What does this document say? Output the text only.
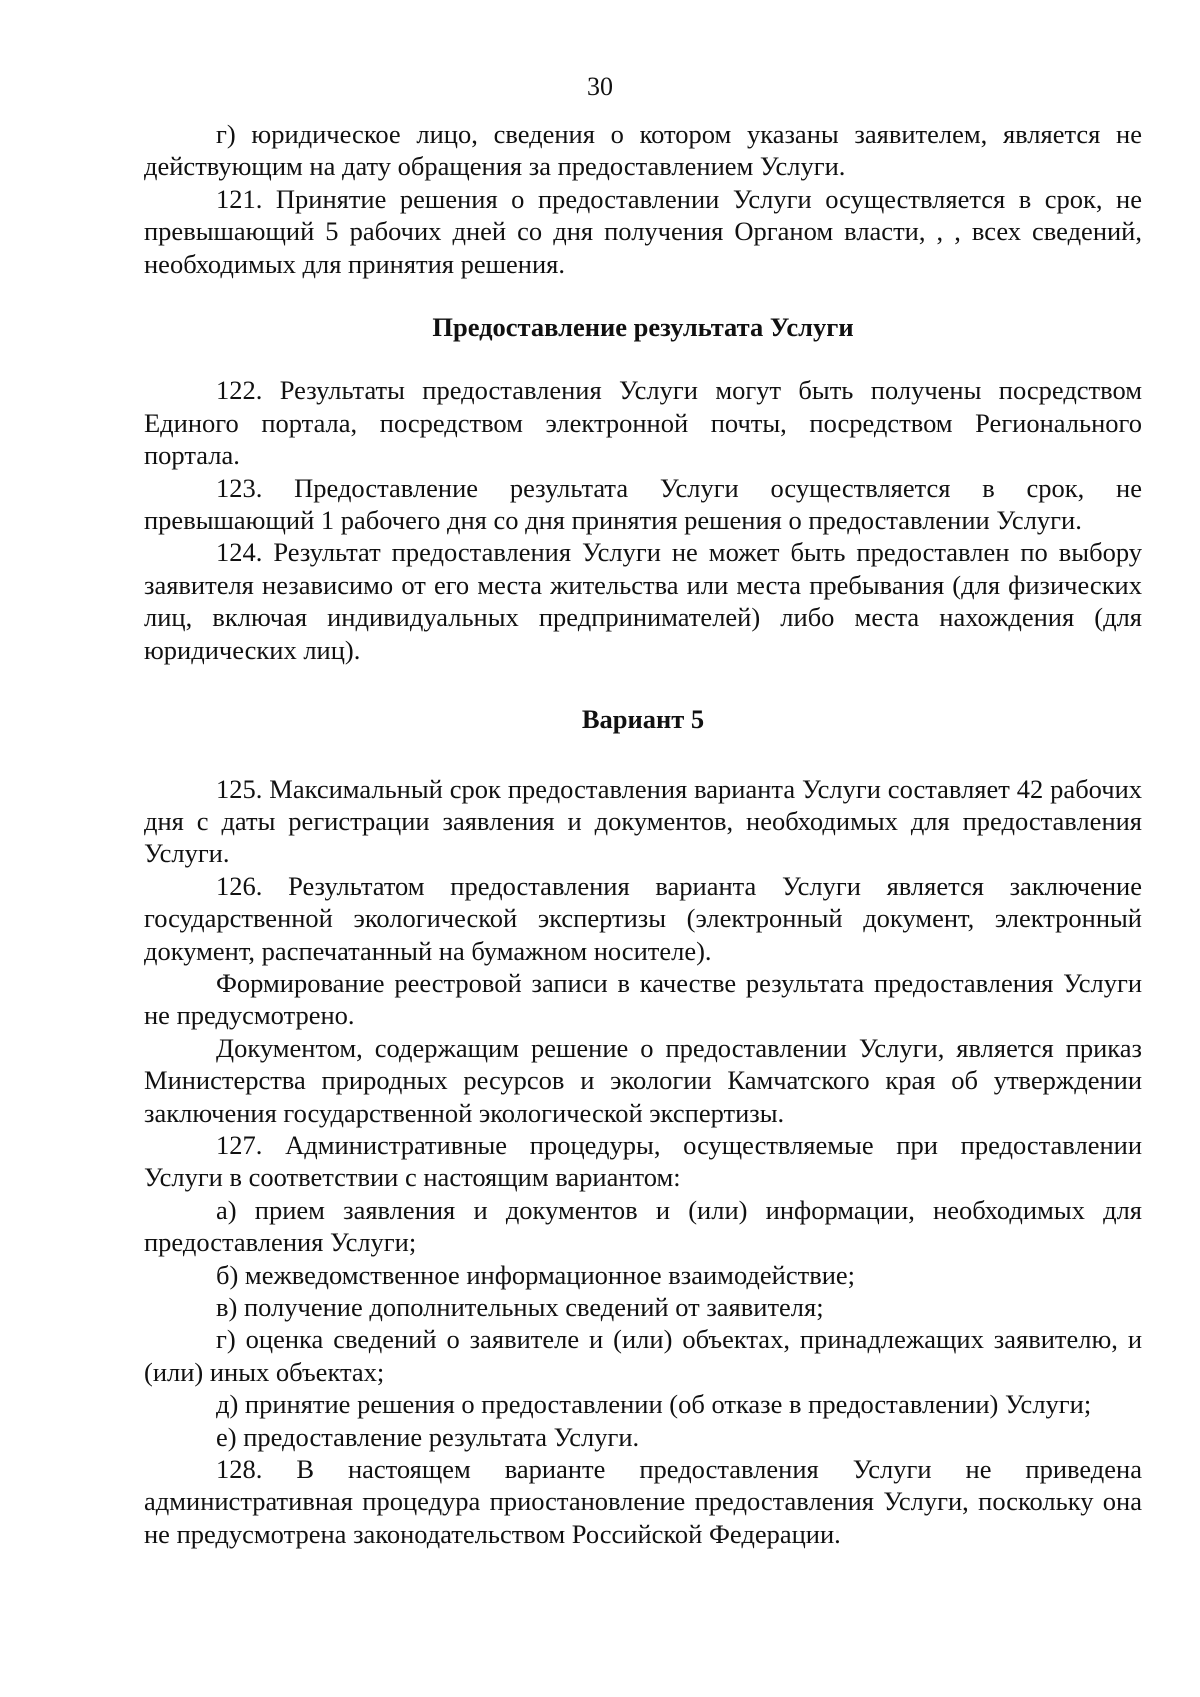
30

г) юридическое лицо, сведения о котором указаны заявителем, является не действующим на дату обращения за предоставлением Услуги.

121. Принятие решения о предоставлении Услуги осуществляется в срок, не превышающий 5 рабочих дней со дня получения Органом власти, , , всех сведений, необходимых для принятия решения.

Предоставление результата Услуги

122. Результаты предоставления Услуги могут быть получены посредством Единого портала, посредством электронной почты, посредством Регионального портала.

123. Предоставление результата Услуги осуществляется в срок, не превышающий 1 рабочего дня со дня принятия решения о предоставлении Услуги.

124. Результат предоставления Услуги не может быть предоставлен по выбору заявителя независимо от его места жительства или места пребывания (для физических лиц, включая индивидуальных предпринимателей) либо места нахождения (для юридических лиц).

Вариант 5

125. Максимальный срок предоставления варианта Услуги составляет 42 рабочих дня с даты регистрации заявления и документов, необходимых для предоставления Услуги.

126. Результатом предоставления варианта Услуги является заключение государственной экологической экспертизы (электронный документ, электронный документ, распечатанный на бумажном носителе).

Формирование реестровой записи в качестве результата предоставления Услуги не предусмотрено.

Документом, содержащим решение о предоставлении Услуги, является приказ Министерства природных ресурсов и экологии Камчатского края об утверждении заключения государственной экологической экспертизы.

127. Административные процедуры, осуществляемые при предоставлении Услуги в соответствии с настоящим вариантом:

а) прием заявления и документов и (или) информации, необходимых для предоставления Услуги;

б) межведомственное информационное взаимодействие;

в) получение дополнительных сведений от заявителя;

г) оценка сведений о заявителе и (или) объектах, принадлежащих заявителю, и (или) иных объектах;

д) принятие решения о предоставлении (об отказе в предоставлении) Услуги;

е) предоставление результата Услуги.

128. В настоящем варианте предоставления Услуги не приведена административная процедура приостановление предоставления Услуги, поскольку она не предусмотрена законодательством Российской Федерации.
